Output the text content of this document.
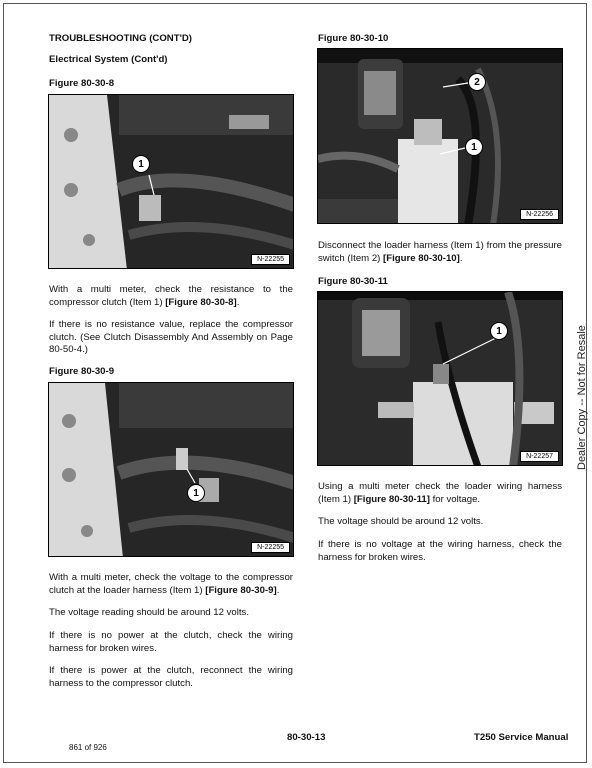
TROUBLESHOOTING (CONT'D)
Electrical System (Cont'd)
Figure 80-30-8
1
N-22255

With a multi meter, check the resistance to the compressor clutch (Item 1) [Figure 80-30-8].

If there is no resistance value, replace the compressor clutch. (See Clutch Disassembly And Assembly on Page 80-50-4.)

Figure 80-30-9
1
N-22255

With a multi meter, check the voltage to the compressor clutch at the loader harness (Item 1) [Figure 80-30-9].

The voltage reading should be around 12 volts.

If there is no power at the clutch, check the wiring harness for broken wires.

If there is power at the clutch, reconnect the wiring harness to the compressor clutch.

Figure 80-30-10
2
1
N-22256

Disconnect the loader harness (Item 1) from the pressure switch (Item 2) [Figure 80-30-10].

Figure 80-30-11
1
N-22257

Using a multi meter check the loader wiring harness (Item 1) [Figure 80-30-11] for voltage.

The voltage should be around 12 volts.

If there is no voltage at the wiring harness, check the harness for broken wires.

Dealer Copy -- Not for Resale
80-30-13	T250 Service Manual
861 of 926
